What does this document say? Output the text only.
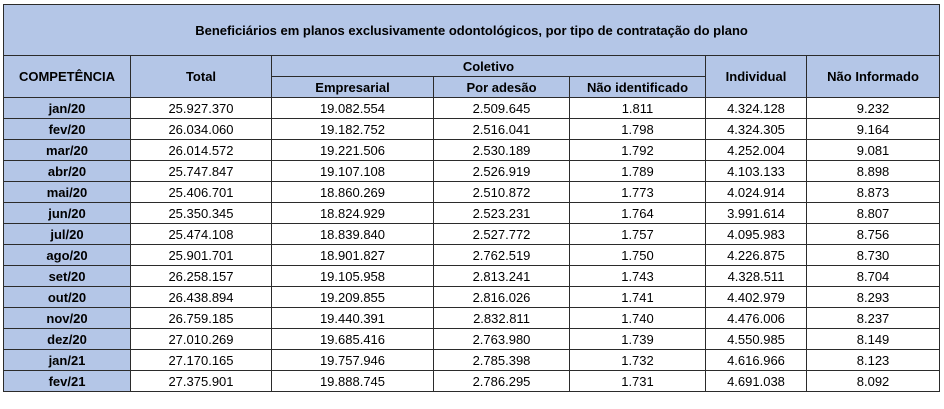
Beneficiários em planos exclusivamente odontológicos, por tipo de contratação do plano						
COMPETÊNCIA	Total	Coletivo			Individual	Não Informado
		Empresarial	Por adesão	Não identificado		
jan/20	25.927.370	19.082.554	2.509.645	1.811	4.324.128	9.232
fev/20	26.034.060	19.182.752	2.516.041	1.798	4.324.305	9.164
mar/20	26.014.572	19.221.506	2.530.189	1.792	4.252.004	9.081
abr/20	25.747.847	19.107.108	2.526.919	1.789	4.103.133	8.898
mai/20	25.406.701	18.860.269	2.510.872	1.773	4.024.914	8.873
jun/20	25.350.345	18.824.929	2.523.231	1.764	3.991.614	8.807
jul/20	25.474.108	18.839.840	2.527.772	1.757	4.095.983	8.756
ago/20	25.901.701	18.901.827	2.762.519	1.750	4.226.875	8.730
set/20	26.258.157	19.105.958	2.813.241	1.743	4.328.511	8.704
out/20	26.438.894	19.209.855	2.816.026	1.741	4.402.979	8.293
nov/20	26.759.185	19.440.391	2.832.811	1.740	4.476.006	8.237
dez/20	27.010.269	19.685.416	2.763.980	1.739	4.550.985	8.149
jan/21	27.170.165	19.757.946	2.785.398	1.732	4.616.966	8.123
fev/21	27.375.901	19.888.745	2.786.295	1.731	4.691.038	8.092
